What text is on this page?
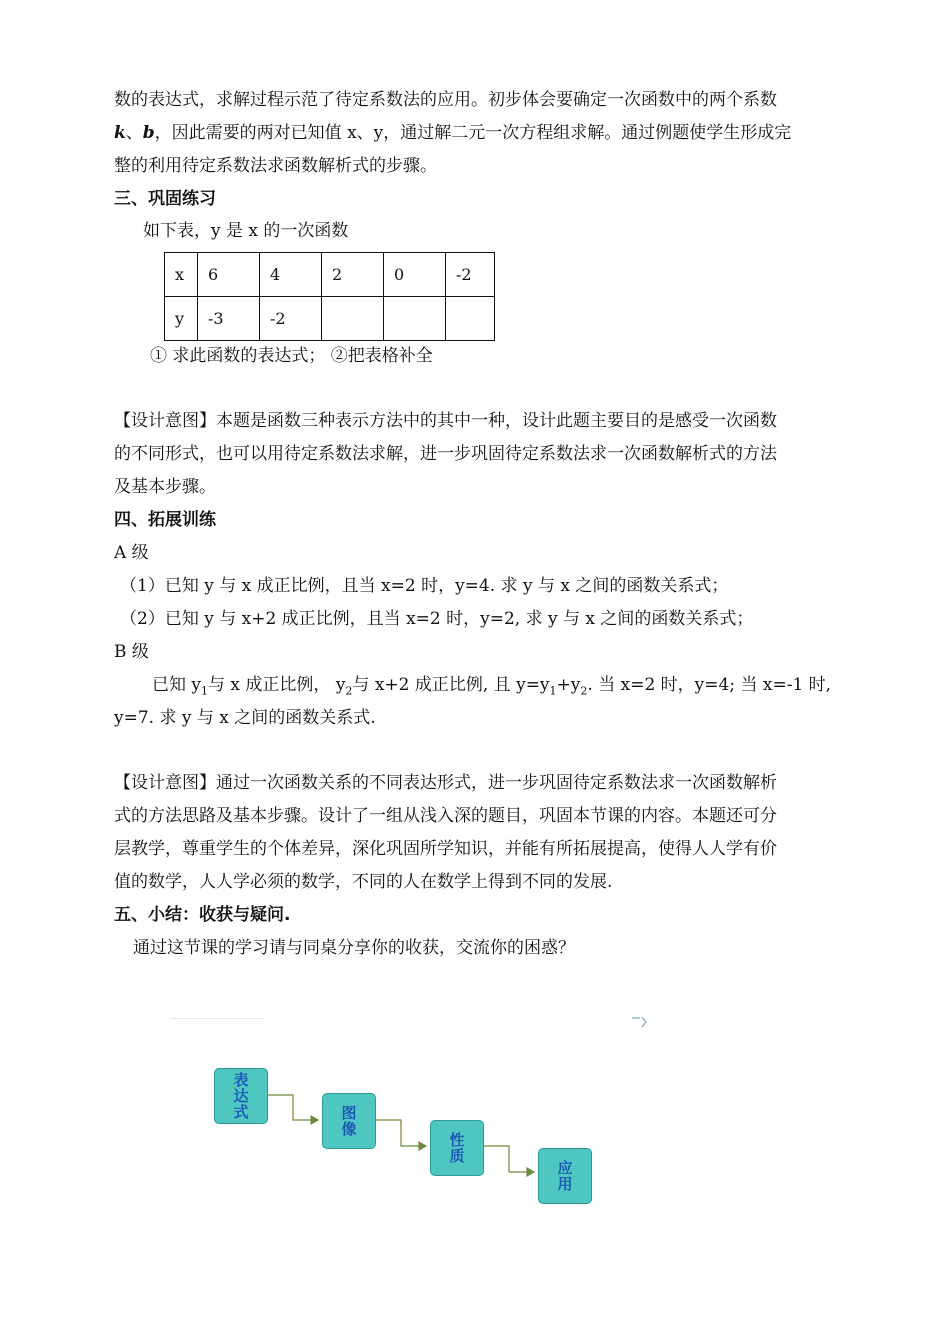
数的表达式，求解过程示范了待定系数法的应用。初步体会要确定一次函数中的两个系数
k、b，因此需要的两对已知值 x、y，通过解二元一次方程组求解。通过例题使学生形成完
整的利用待定系数法求函数解析式的步骤。
三、巩固练习
如下表，y 是 x 的一次函数
x	6	4	2	0	-2
y	-3	-2			
① 求此函数的表达式； ②把表格补全
【设计意图】本题是函数三种表示方法中的其中一种，设计此题主要目的是感受一次函数
的不同形式，也可以用待定系数法求解，进一步巩固待定系数法求一次函数解析式的方法
及基本步骤。
四、拓展训练
A 级
（1）已知 y 与 x 成正比例，且当 x=2 时，y=4. 求 y 与 x 之间的函数关系式；
（2）已知 y 与 x+2 成正比例，且当 x=2 时，y=2, 求 y 与 x 之间的函数关系式；
B 级
已知 $y_1$与 x 成正比例， $y_2$与 x+2 成正比例, 且 $y=y_1+y_2$. 当 x=2 时，y=4; 当 x=-1 时,
y=7. 求 y 与 x 之间的函数关系式.
【设计意图】通过一次函数关系的不同表达形式，进一步巩固待定系数法求一次函数解析
式的方法思路及基本步骤。设计了一组从浅入深的题目，巩固本节课的内容。本题还可分
层教学，尊重学生的个体差异，深化巩固所学知识，并能有所拓展提高，使得人人学有价
值的数学，人人学必须的数学，不同的人在数学上得到不同的发展.
五、小结：收获与疑问.
通过这节课的学习请与同桌分享你的收获，交流你的困惑？
表达式	图像
性质
应用
